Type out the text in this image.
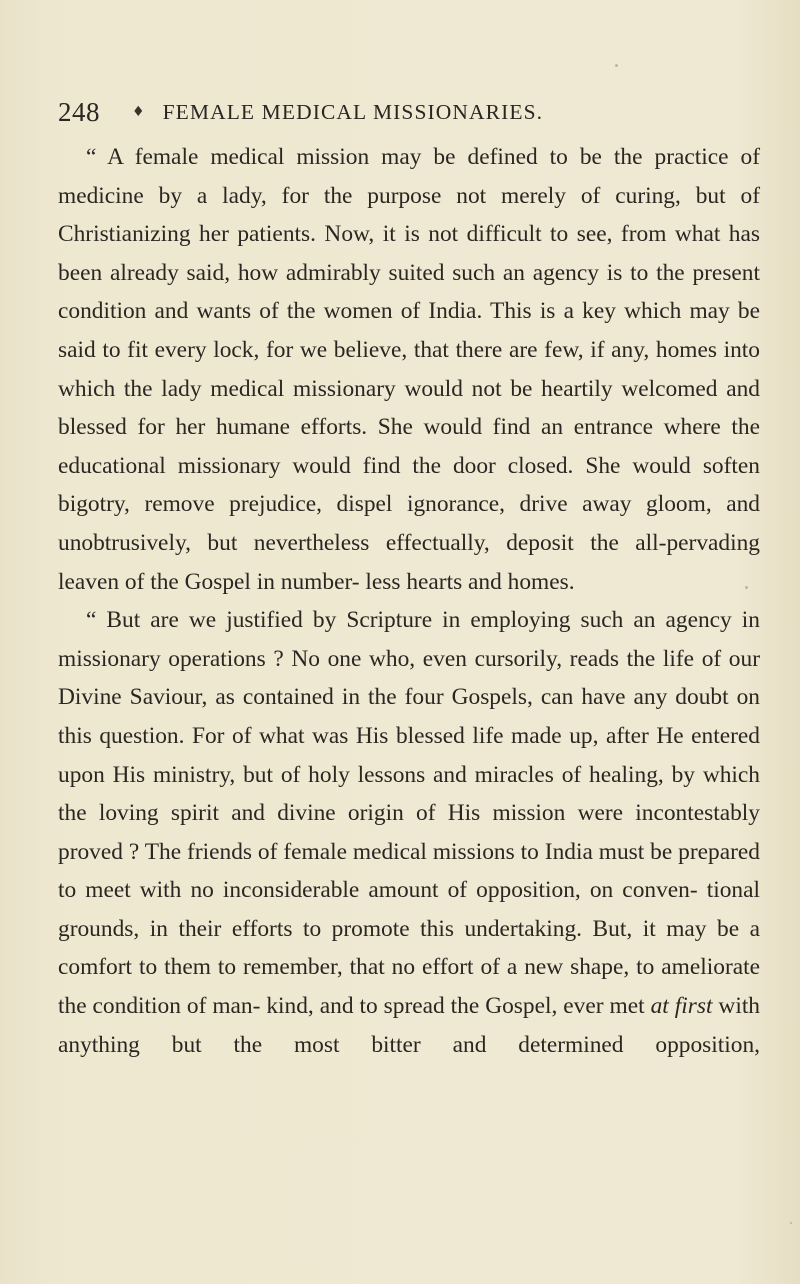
248 ♦ FEMALE MEDICAL MISSIONARIES.

“ A female medical mission may be defined to be the practice of medicine by a lady, for the purpose not merely of curing, but of Christianizing her patients. Now, it is not difficult to see, from what has been already said, how admirably suited such an agency is to the present condition and wants of the women of India. This is a key which may be said to fit every lock, for we believe, that there are few, if any, homes into which the lady medical missionary would not be heartily welcomed and blessed for her humane efforts. She would find an entrance where the educational missionary would find the door closed. She would soften bigotry, remove prejudice, dispel ignorance, drive away gloom, and unobtrusively, but nevertheless effectually, deposit the all-pervading leaven of the Gospel in number- less hearts and homes.

“ But are we justified by Scripture in employing such an agency in missionary operations ? No one who, even cursorily, reads the life of our Divine Saviour, as contained in the four Gospels, can have any doubt on this question. For of what was His blessed life made up, after He entered upon His ministry, but of holy lessons and miracles of healing, by which the loving spirit and divine origin of His mission were incontestably proved ? The friends of female medical missions to India must be prepared to meet with no inconsiderable amount of opposition, on conven- tional grounds, in their efforts to promote this undertaking. But, it may be a comfort to them to remember, that no effort of a new shape, to ameliorate the condition of man- kind, and to spread the Gospel, ever met at first with anything but the most bitter and determined opposition,
